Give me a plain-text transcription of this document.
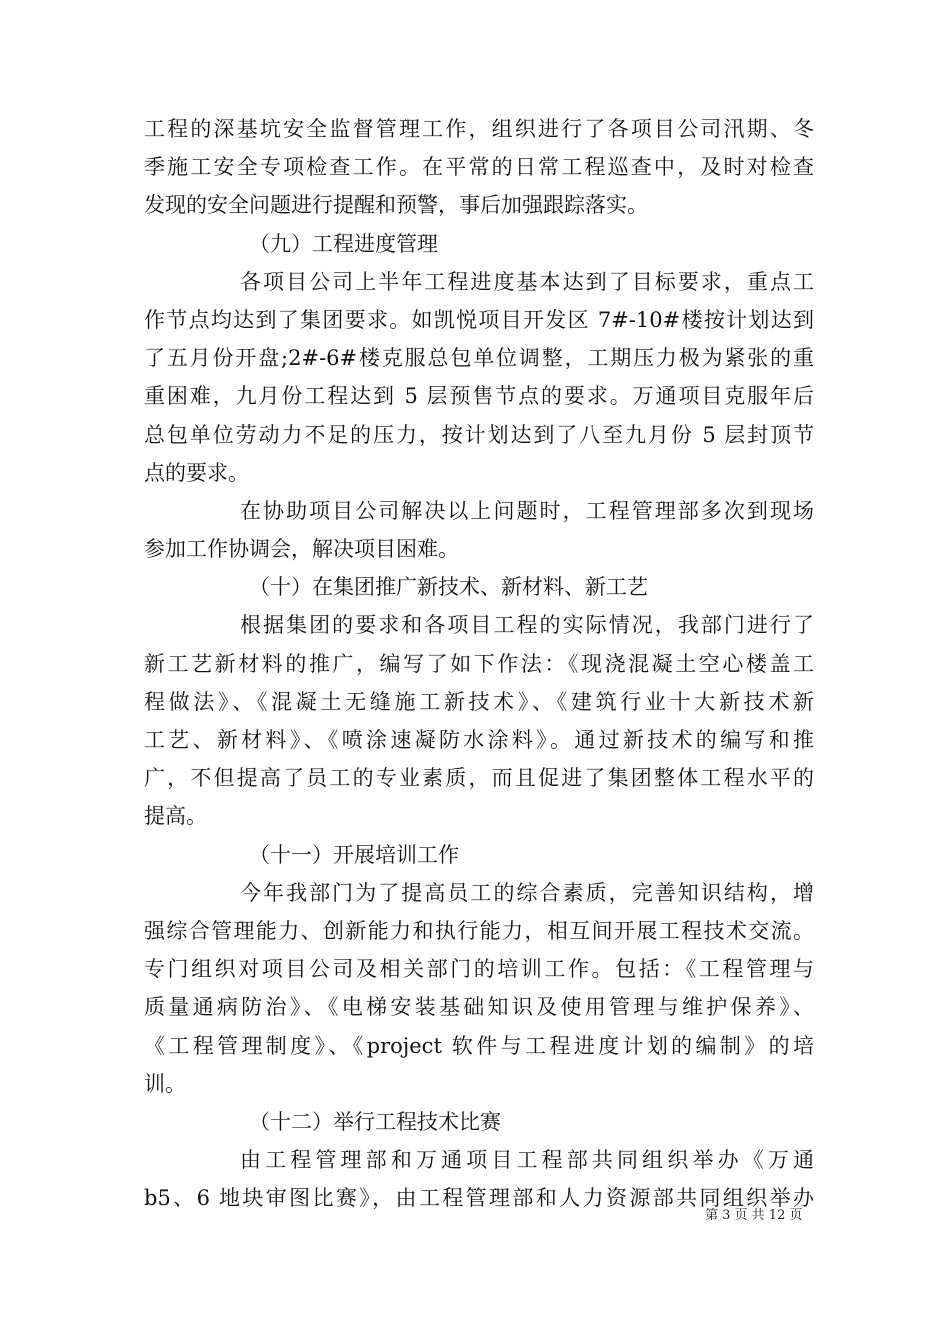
工程的深基坑安全监督管理工作，组织进行了各项目公司汛期、冬
季施工安全专项检查工作。在平常的日常工程巡查中，及时对检查
发现的安全问题进行提醒和预警，事后加强跟踪落实。
（九）工程进度管理
各项目公司上半年工程进度基本达到了目标要求，重点工
作节点均达到了集团要求。如凯悦项目开发区 7#-10#楼按计划达到
了五月份开盘;2#-6#楼克服总包单位调整，工期压力极为紧张的重
重困难，九月份工程达到 5 层预售节点的要求。万通项目克服年后
总包单位劳动力不足的压力，按计划达到了八至九月份 5 层封顶节
点的要求。
在协助项目公司解决以上问题时，工程管理部多次到现场
参加工作协调会，解决项目困难。
（十）在集团推广新技术、新材料、新工艺
根据集团的要求和各项目工程的实际情况，我部门进行了
新工艺新材料的推广，编写了如下作法：《现浇混凝土空心楼盖工
程做法》、《混凝土无缝施工新技术》、《建筑行业十大新技术新
工艺、新材料》、《喷涂速凝防水涂料》。通过新技术的编写和推
广，不但提高了员工的专业素质，而且促进了集团整体工程水平的
提高。
（十一）开展培训工作
今年我部门为了提高员工的综合素质，完善知识结构，增
强综合管理能力、创新能力和执行能力，相互间开展工程技术交流。
专门组织对项目公司及相关部门的培训工作。包括：《工程管理与
质量通病防治》、《电梯安装基础知识及使用管理与维护保养》、
《工程管理制度》、《project 软件与工程进度计划的编制》的培
训。
（十二）举行工程技术比赛
由工程管理部和万通项目工程部共同组织举办《万通
b5、6 地块审图比赛》，由工程管理部和人力资源部共同组织举办
第 3 页 共 12 页
